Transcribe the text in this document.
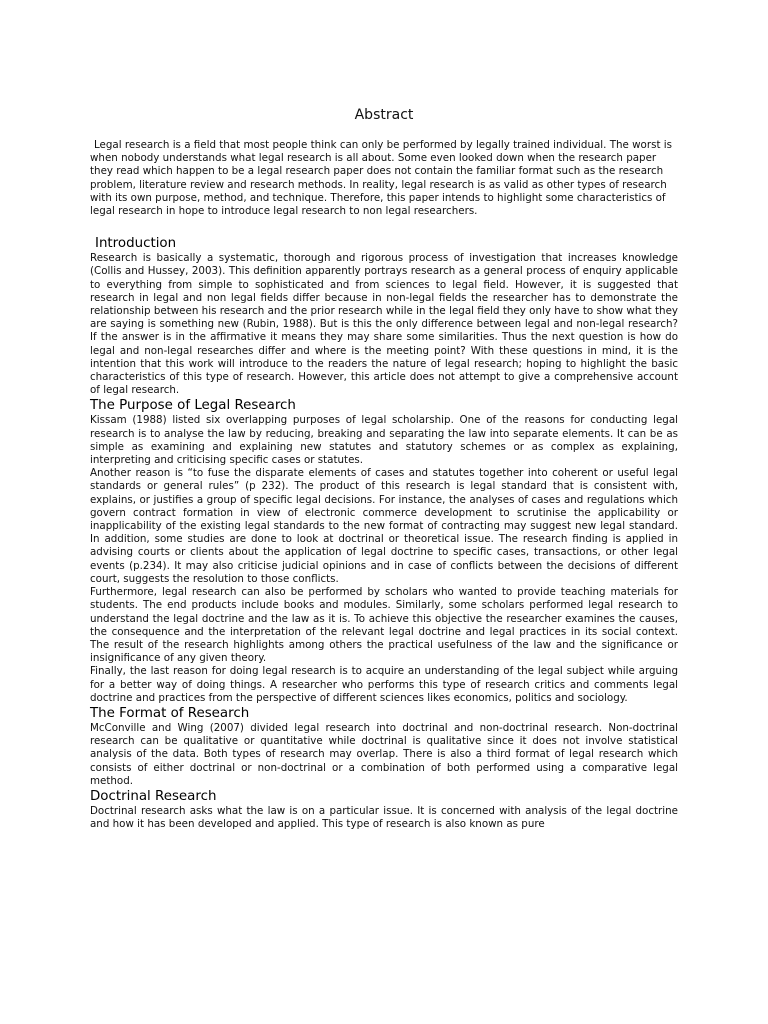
Abstract

Legal research is a field that most people think can only be performed by legally trained individual. The worst is when nobody understands what legal research is all about. Some even looked down when the research paper they read which happen to be a legal research paper does not contain the familiar format such as the research problem, literature review and research methods. In reality, legal research is as valid as other types of research with its own purpose, method, and technique. Therefore, this paper intends to highlight some characteristics of legal research in hope to introduce legal research to non legal researchers.

Introduction

Research is basically a systematic, thorough and rigorous process of investigation that increases knowledge (Collis and Hussey, 2003). This definition apparently portrays research as a general process of enquiry applicable to everything from simple to sophisticated and from sciences to legal field. However, it is suggested that research in legal and non legal fields differ because in non-legal fields the researcher has to demonstrate the relationship between his research and the prior research while in the legal field they only have to show what they are saying is something new (Rubin, 1988). But is this the only difference between legal and non-legal research? If the answer is in the affirmative it means they may share some similarities. Thus the next question is how do legal and non-legal researches differ and where is the meeting point? With these questions in mind, it is the intention that this work will introduce to the readers the nature of legal research; hoping to highlight the basic characteristics of this type of research. However, this article does not attempt to give a comprehensive account of legal research.

The Purpose of Legal Research

Kissam (1988) listed six overlapping purposes of legal scholarship. One of the reasons for conducting legal research is to analyse the law by reducing, breaking and separating the law into separate elements. It can be as simple as examining and explaining new statutes and statutory schemes or as complex as explaining, interpreting and criticising specific cases or statutes.

Another reason is “to fuse the disparate elements of cases and statutes together into coherent or useful legal standards or general rules” (p 232). The product of this research is legal standard that is consistent with, explains, or justifies a group of specific legal decisions. For instance, the analyses of cases and regulations which govern contract formation in view of electronic commerce development to scrutinise the applicability or inapplicability of the existing legal standards to the new format of contracting may suggest new legal standard. In addition, some studies are done to look at doctrinal or theoretical issue. The research finding is applied in advising courts or clients about the application of legal doctrine to specific cases, transactions, or other legal events (p.234). It may also criticise judicial opinions and in case of conflicts between the decisions of different court, suggests the resolution to those conflicts.

Furthermore, legal research can also be performed by scholars who wanted to provide teaching materials for students. The end products include books and modules. Similarly, some scholars performed legal research to understand the legal doctrine and the law as it is. To achieve this objective the researcher examines the causes, the consequence and the interpretation of the relevant legal doctrine and legal practices in its social context. The result of the research highlights among others the practical usefulness of the law and the significance or insignificance of any given theory.

Finally, the last reason for doing legal research is to acquire an understanding of the legal subject while arguing for a better way of doing things. A researcher who performs this type of research critics and comments legal doctrine and practices from the perspective of different sciences likes economics, politics and sociology.

The Format of Research

McConville and Wing (2007) divided legal research into doctrinal and non-doctrinal research. Non-doctrinal research can be qualitative or quantitative while doctrinal is qualitative since it does not involve statistical analysis of the data. Both types of research may overlap. There is also a third format of legal research which consists of either doctrinal or non-doctrinal or a combination of both performed using a comparative legal method.

Doctrinal Research

Doctrinal research asks what the law is on a particular issue. It is concerned with analysis of the legal doctrine and how it has been developed and applied. This type of research is also known as pure
